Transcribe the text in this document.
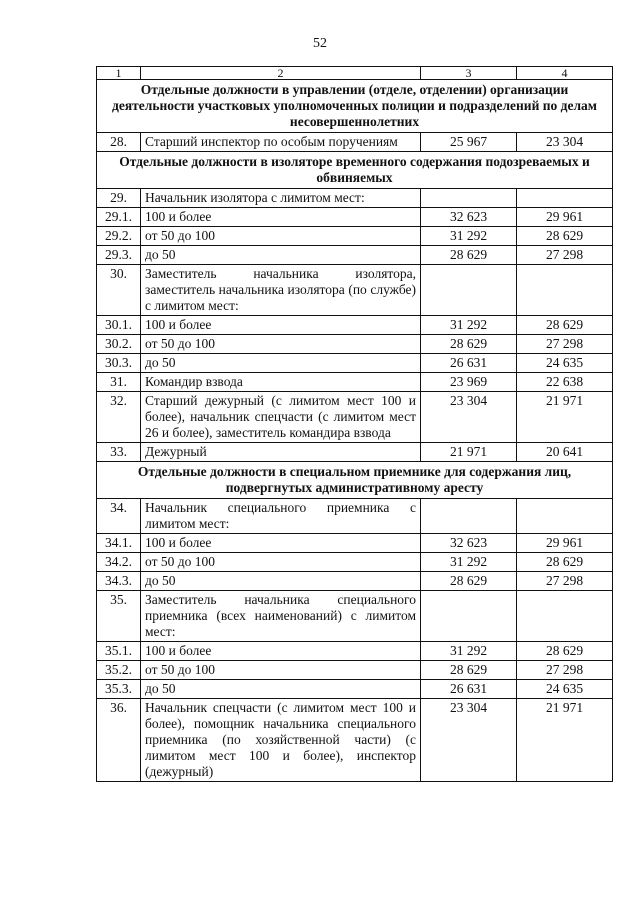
52
1	2	3	4
Отдельные должности в управлении (отделе, отделении) организации деятельности участковых уполномоченных полиции и подразделений по делам несовершеннолетних			
28.	Старший инспектор по особым поручениям	25 967	23 304
Отдельные должности в изоляторе временного содержания подозреваемых и обвиняемых			
29.	Начальник изолятора с лимитом мест:		
29.1.	100 и более	32 623	29 961
29.2.	от 50 до 100	31 292	28 629
29.3.	до 50	28 629	27 298
30.	Заместитель начальника изолятора, заместитель начальника изолятора (по службе) с лимитом мест:		
30.1.	100 и более	31 292	28 629
30.2.	от 50 до 100	28 629	27 298
30.3.	до 50	26 631	24 635
31.	Командир взвода	23 969	22 638
32.	Старший дежурный (с лимитом мест 100 и более), начальник спецчасти (с лимитом мест 26 и более), заместитель командира взвода	23 304	21 971
33.	Дежурный	21 971	20 641
Отдельные должности в специальном приемнике для содержания лиц, подвергнутых административному аресту			
34.	Начальник специального приемника с лимитом мест:		
34.1.	100 и более	32 623	29 961
34.2.	от 50 до 100	31 292	28 629
34.3.	до 50	28 629	27 298
35.	Заместитель начальника специального приемника (всех наименований) с лимитом мест:		
35.1.	100 и более	31 292	28 629
35.2.	от 50 до 100	28 629	27 298
35.3.	до 50	26 631	24 635
36.	Начальник спецчасти (с лимитом мест 100 и более), помощник начальника специального приемника (по хозяйственной части) (с лимитом мест 100 и более), инспектор (дежурный)	23 304	21 971
